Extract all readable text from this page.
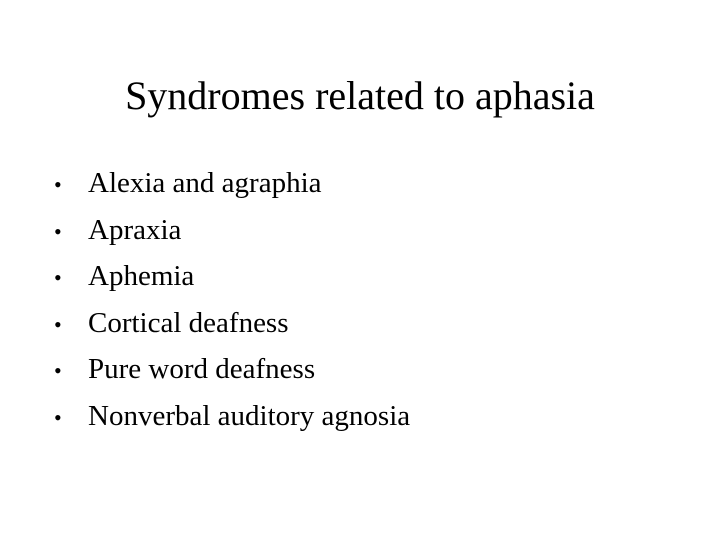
Syndromes related to aphasia
• Alexia and agraphia
• Apraxia
• Aphemia
• Cortical deafness
• Pure word deafness
• Nonverbal auditory agnosia
